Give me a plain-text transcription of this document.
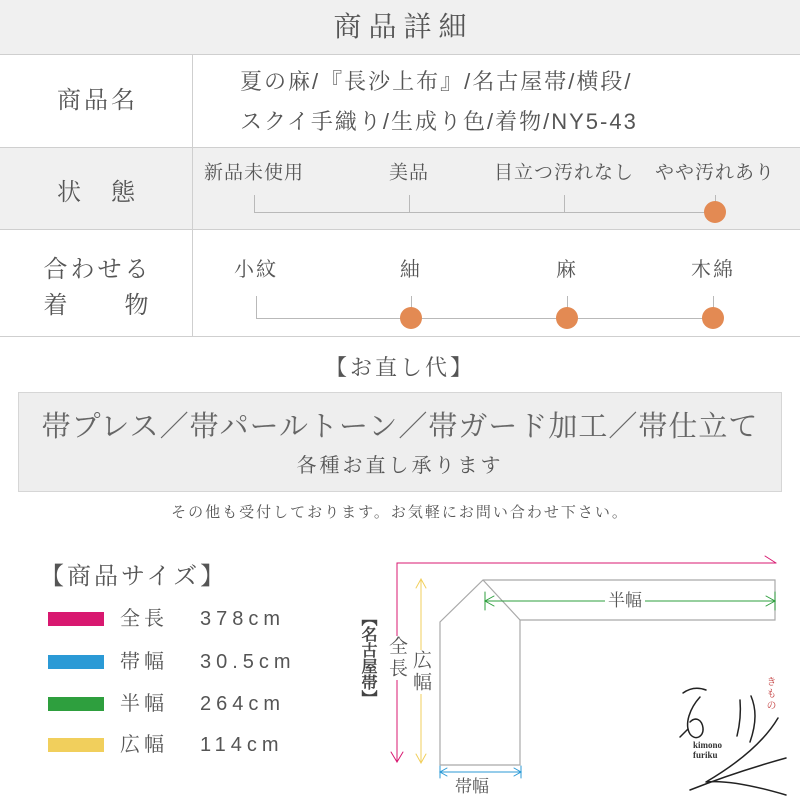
商品詳細
商品名
夏の麻/『長沙上布』/名古屋帯/横段/
スクイ手織り/生成り色/着物/NY5-43
状　態
新品未使用	美品	目立つ汚れなし やや汚れあり
合わせる
着　　物
小紋	紬	麻	木綿
【お直し代】
帯プレス／帯パールトーン／帯ガード加工／帯仕立て
各種お直し承ります
その他も受付しております。お気軽にお問い合わせ下さい。
【商品サイズ】
全長 378cm
帯幅 30.5cm
半幅 264cm
広幅 114cm
【名古屋帯】 全長 広幅
半幅
帯幅
kimono
furiku
きもの
